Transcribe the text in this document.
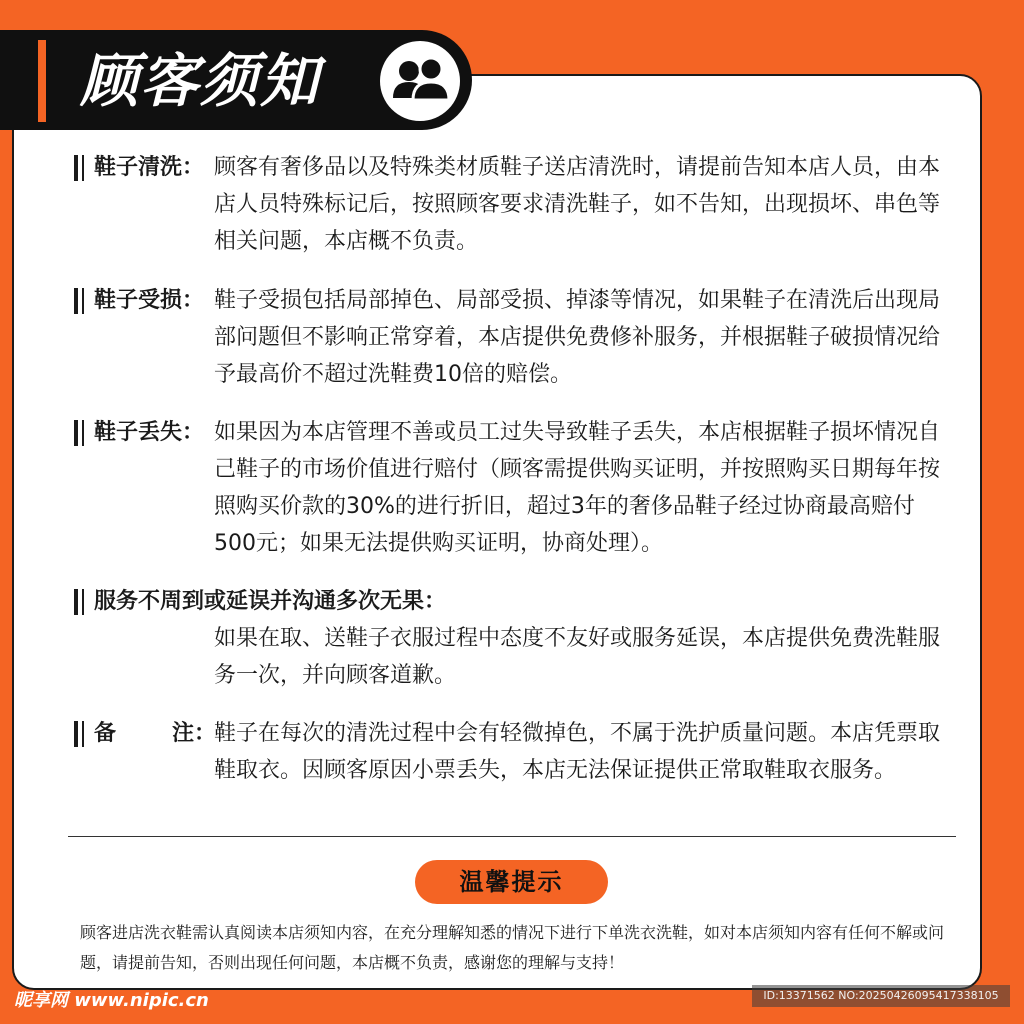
顾客须知
鞋子清洗： 顾客有奢侈品以及特殊类材质鞋子送店清洗时，请提前告知本店人员，由本店人员特殊标记后，按照顾客要求清洗鞋子，如不告知，出现损坏、串色等相关问题，本店概不负责。
鞋子受损： 鞋子受损包括局部掉色、局部受损、掉漆等情况，如果鞋子在清洗后出现局部问题但不影响正常穿着，本店提供免费修补服务，并根据鞋子破损情况给予最高价不超过洗鞋费10倍的赔偿。
鞋子丢失： 如果因为本店管理不善或员工过失导致鞋子丢失，本店根据鞋子损坏情况自己鞋子的市场价值进行赔付（顾客需提供购买证明，并按照购买日期每年按照购买价款的30%的进行折旧，超过3年的奢侈品鞋子经过协商最高赔付500元；如果无法提供购买证明，协商处理）。
服务不周到或延误并沟通多次无果：
如果在取、送鞋子衣服过程中态度不友好或服务延误，本店提供免费洗鞋服务一次，并向顾客道歉。
备	注：
鞋子在每次的清洗过程中会有轻微掉色，不属于洗护质量问题。本店凭票取鞋取衣。因顾客原因小票丢失，本店无法保证提供正常取鞋取衣服务。
温馨提示
顾客进店洗衣鞋需认真阅读本店须知内容，在充分理解知悉的情况下进行下单洗衣洗鞋，如对本店须知内容有任何不解或问题，请提前告知，否则出现任何问题，本店概不负责，感谢您的理解与支持！
昵享网 www.nipic.cn	ID:13371562 NO:20250426095417338105
